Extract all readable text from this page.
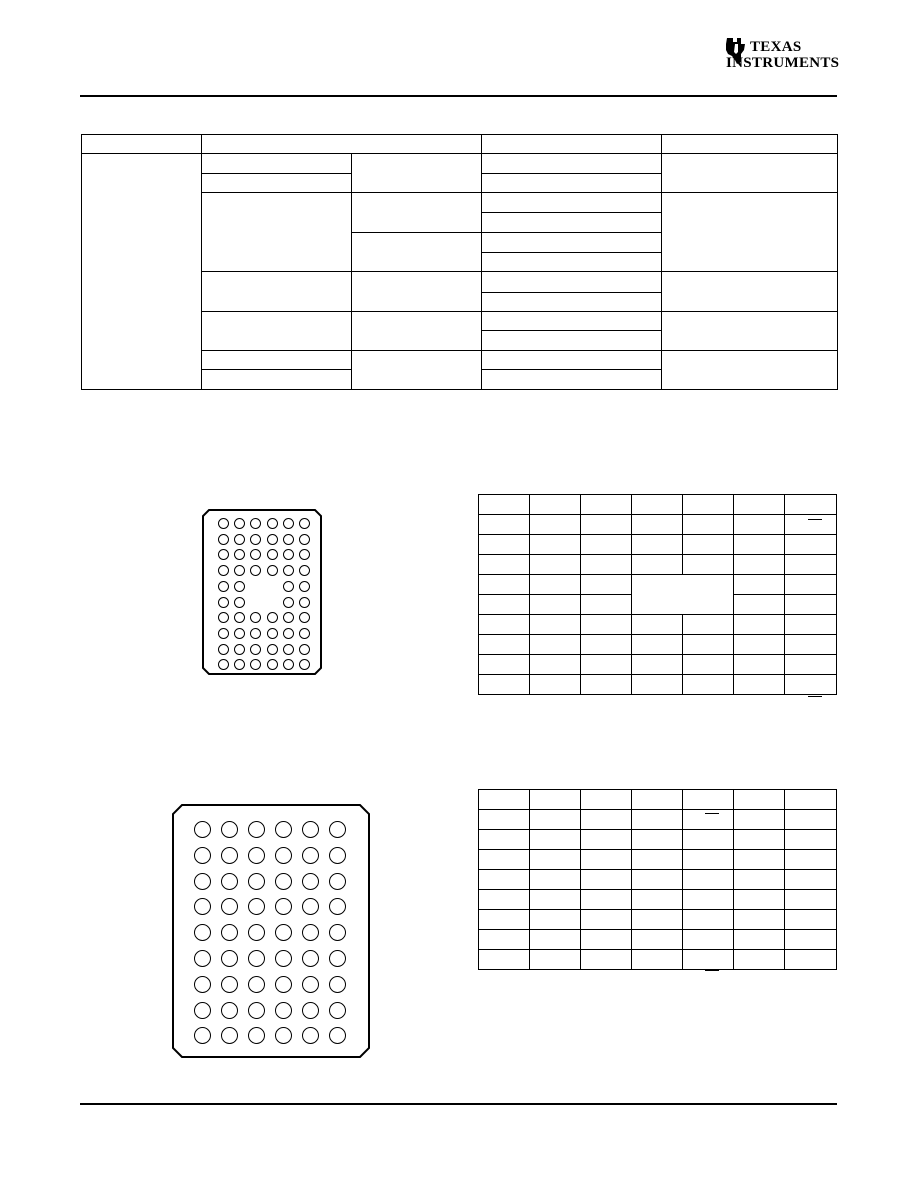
TEXAS
INSTRUMENTS
